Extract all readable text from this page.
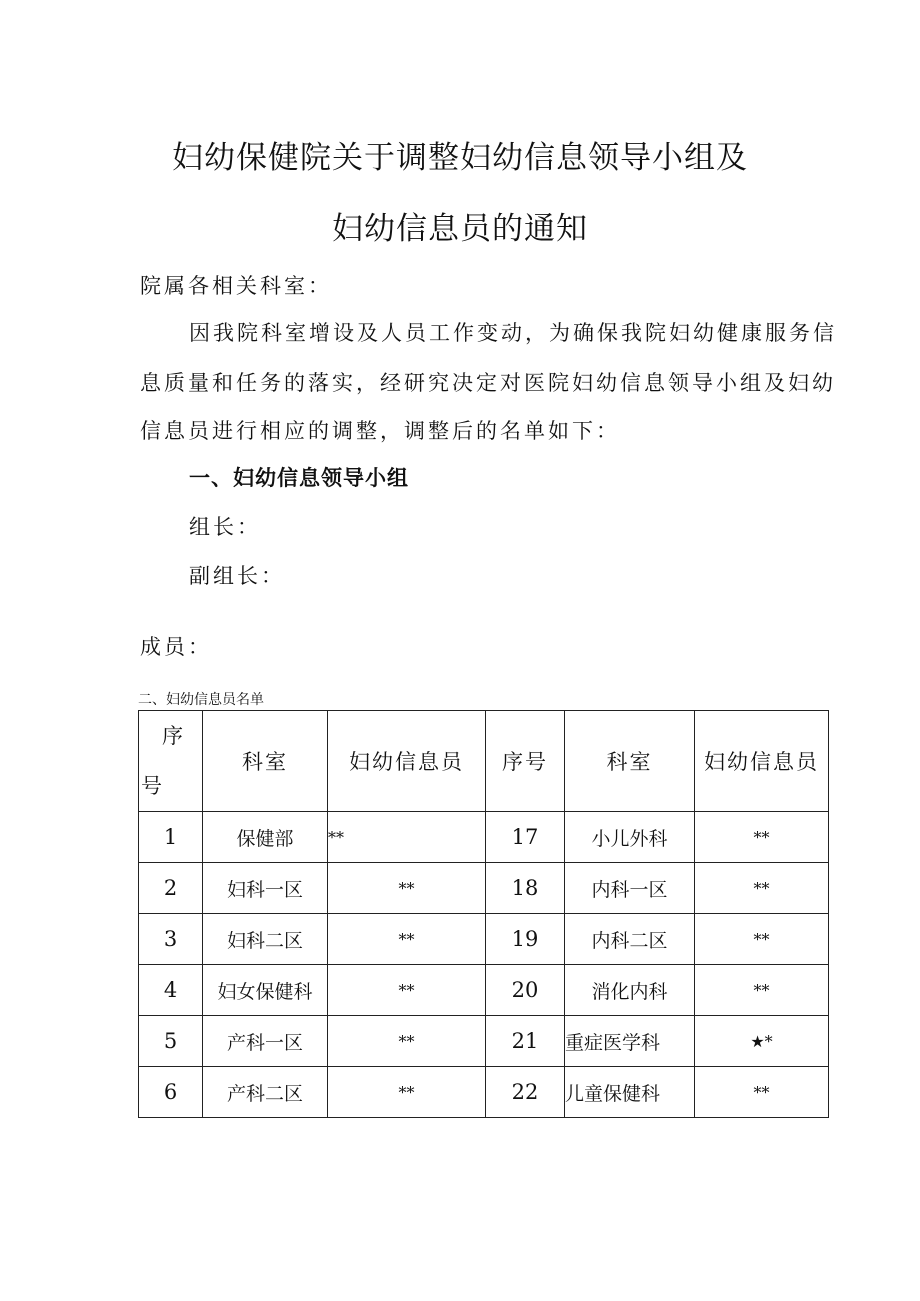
妇幼保健院关于调整妇幼信息领导小组及
妇幼信息员的通知

院属各相关科室：

因我院科室增设及人员工作变动，为确保我院妇幼健康服务信

息质量和任务的落实，经研究决定对医院妇幼信息领导小组及妇幼

信息员进行相应的调整，调整后的名单如下：

一、妇幼信息领导小组

组长：

副组长：

成员：

二、妇幼信息员名单

序
号	科室	妇幼信息员	序号	科室	妇幼信息员
1	保健部	**	17	小儿外科	**
2	妇科一区	**	18	内科一区	**
3	妇科二区	**	19	内科二区	**
4	妇女保健科	**	20	消化内科	**
5	产科一区	**	21	重症医学科	★*
6	产科二区	**	22	儿童保健科	**
